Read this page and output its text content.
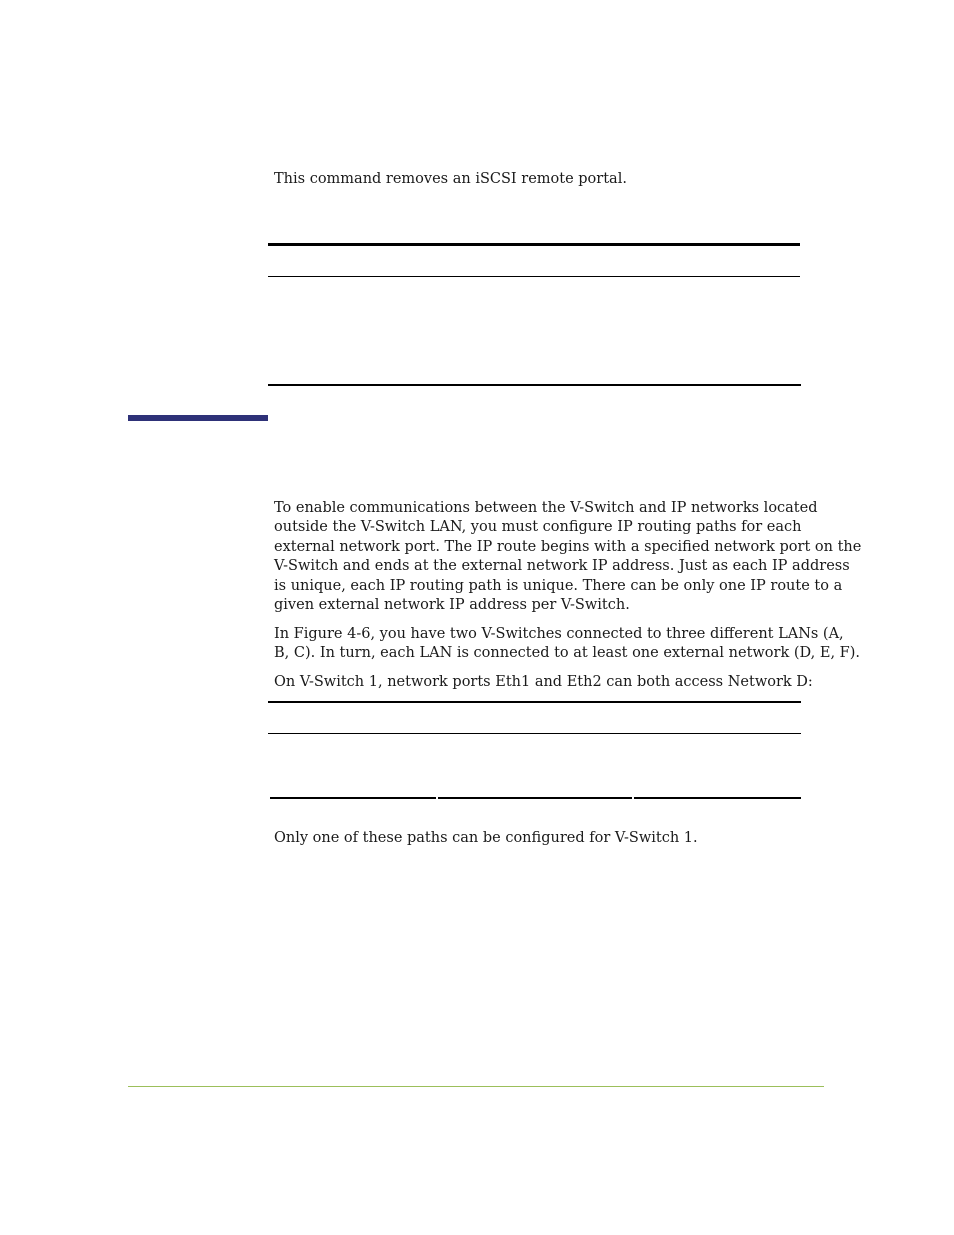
This command removes an iSCSI remote portal.

To enable communications between the V-Switch and IP networks located
outside the V-Switch LAN, you must configure IP routing paths for each
external network port. The IP route begins with a specified network port on the
V-Switch and ends at the external network IP address. Just as each IP address
is unique, each IP routing path is unique. There can be only one IP route to a
given external network IP address per V-Switch.
In Figure 4-6, you have two V-Switches connected to three different LANs (A,
B, C). In turn, each LAN is connected to at least one external network (D, E, F).

On V-Switch 1, network ports Eth1 and Eth2 can both access Network D:

Only one of these paths can be configured for V-Switch 1.
